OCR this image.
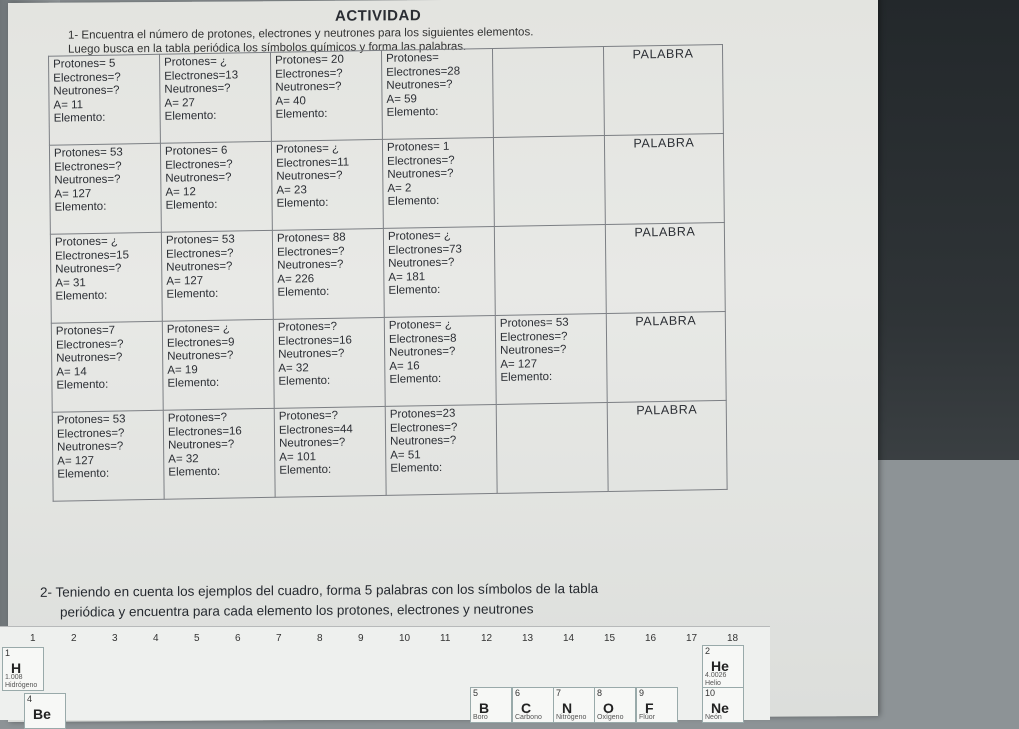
ACTIVIDAD
1- Encuentra el número de protones, electrones y neutrones para los siguientes elementos.
Luego busca en la tabla periódica los símbolos químicos y forma las palabras.
Protones= 5
Electrones=?
Neutrones=?
A= 11
Elemento:	Protones= ¿
Electrones=13
Neutrones=?
A= 27
Elemento:	Protones= 20
Electrones=?
Neutrones=?
A= 40
Elemento:	Protones=
Electrones=28
Neutrones=?
A= 59
Elemento:		PALABRA

Protones= 53
Electrones=?
Neutrones=?
A= 127
Elemento:	Protones= 6
Electrones=?
Neutrones=?
A= 12
Elemento:	Protones= ¿
Electrones=11
Neutrones=?
A= 23
Elemento:	Protones= 1
Electrones=?
Neutrones=?
A= 2
Elemento:		PALABRA

Protones= ¿
Electrones=15
Neutrones=?
A= 31
Elemento:	Protones= 53
Electrones=?
Neutrones=?
A= 127
Elemento:	Protones= 88
Electrones=?
Neutrones=?
A= 226
Elemento:	Protones= ¿
Electrones=73
Neutrones=?
A= 181
Elemento:		PALABRA

Protones=7
Electrones=?
Neutrones=?
A= 14
Elemento:	Protones= ¿
Electrones=9
Neutrones=?
A= 19
Elemento:	Protones=?
Electrones=16
Neutrones=?
A= 32
Elemento:	Protones= ¿
Electrones=8
Neutrones=?
A= 16
Elemento:	Protones= 53
Electrones=?
Neutrones=?
A= 127
Elemento:	PALABRA

Protones= 53
Electrones=?
Neutrones=?
A= 127
Elemento:	Protones=?
Electrones=16
Neutrones=?
A= 32
Elemento:	Protones=?
Electrones=44
Neutrones=?
A= 101
Elemento:	Protones=23
Electrones=?
Neutrones=?
A= 51
Elemento:		PALABRA
2- Teniendo en cuenta los ejemplos del cuadro, forma 5 palabras con los símbolos de la tabla
periódica y encuentra para cada elemento los protones, electrones y neutrones
1	2	3	4	5	6	7	8	9	10	11	12	13	14	15	16	17	18
1
H
1.008
Hidrógeno
4
Be
2
He
4.0026
Helio
5
B
Boro
6
C
Carbono
7
N
Nitrógeno
8
O
Oxígeno
9
F
Flúor
10
Ne
Neón
